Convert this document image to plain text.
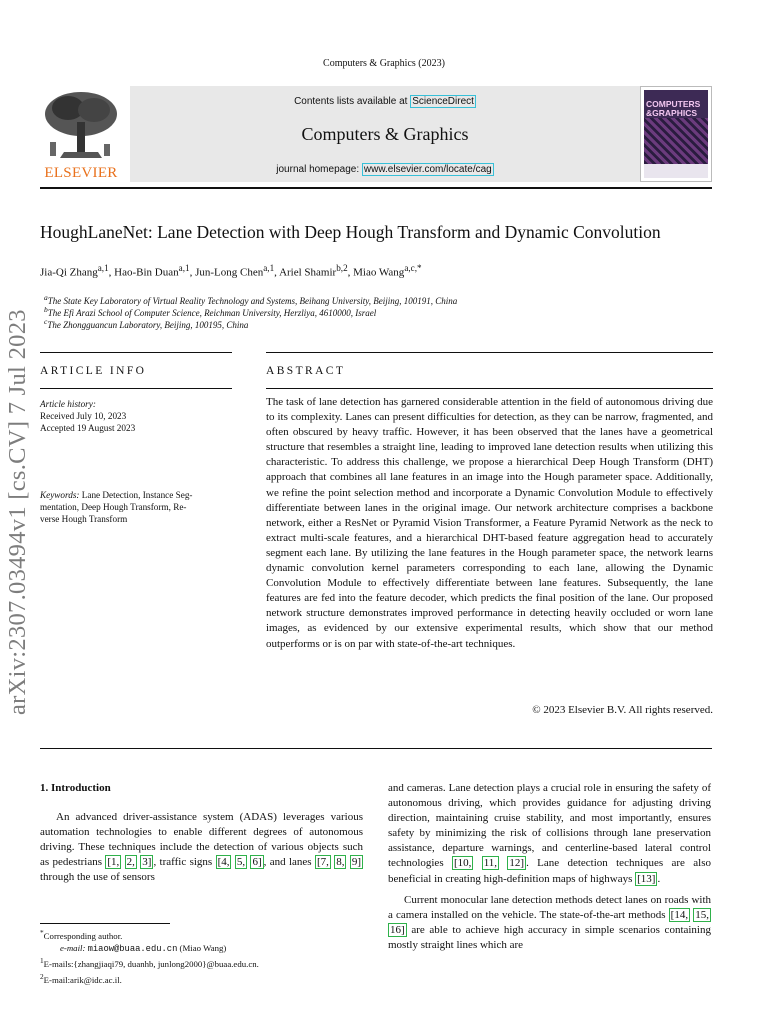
Computers & Graphics (2023)
ELSEVIER
Contents lists available at ScienceDirect
Computers & Graphics
journal homepage: www.elsevier.com/locate/cag
COMPUTERS
&GRAPHICS
HoughLaneNet: Lane Detection with Deep Hough Transform and Dynamic Convolution
Jia-Qi Zhang$^{a,1}$, Hao-Bin Duan$^{a,1}$, Jun-Long Chen$^{a,1}$, Ariel Shamir$^{b,2}$, Miao Wang$^{a,c,*}$
$^a$The State Key Laboratory of Virtual Reality Technology and Systems, Beihang University, Beijing, 100191, China
$^b$The Efi Arazi School of Computer Science, Reichman University, Herzliya, 4610000, Israel
$^c$The Zhongguancun Laboratory, Beijing, 100195, China
ARTICLE INFO	ABSTRACT
Article history:
Received July 10, 2023
Accepted 19 August 2023
Keywords: Lane Detection, Instance Seg-
mentation, Deep Hough Transform, Re-
verse Hough Transform
The task of lane detection has garnered considerable attention in the field of autonomous driving due to its complexity. Lanes can present difficulties for detection, as they can be narrow, fragmented, and often obscured by heavy traffic. However, it has been observed that the lanes have a geometrical structure that resembles a straight line, leading to improved lane detection results when utilizing this characteristic. To address this challenge, we propose a hierarchical Deep Hough Transform (DHT) approach that combines all lane features in an image into the Hough parameter space. Additionally, we refine the point selection method and incorporate a Dynamic Convolution Module to effectively differentiate between lanes in the original image. Our network architecture comprises a backbone network, either a ResNet or Pyramid Vision Transformer, a Feature Pyramid Network as the neck to extract multi-scale features, and a hierarchical DHT-based feature aggregation head to accurately segment each lane. By utilizing the lane features in the Hough parameter space, the network learns dynamic convolution kernel parameters corresponding to each lane, allowing the Dynamic Convolution Module to effectively differentiate between lane features. Subsequently, the lane features are fed into the feature decoder, which predicts the final position of the lane. Our proposed network structure demonstrates improved performance in detecting heavily occluded or worn lane images, as evidenced by our extensive experimental results, which show that our method outperforms or is on par with state-of-the-art techniques.
© 2023 Elsevier B.V. All rights reserved.
1. Introduction

An advanced driver-assistance system (ADAS) leverages various automation technologies to enable different degrees of autonomous driving. These techniques include the detection of various objects such as pedestrians [1, 2, 3] , traffic signs [4, 5, 6] , and lanes [7, 8, 9] through the use of sensors

and cameras. Lane detection plays a crucial role in ensuring the safety of autonomous driving, which provides guidance for adjusting driving direction, maintaining cruise stability, and most importantly, ensures safety by minimizing the risk of collisions through lane preservation assistance, departure warnings, and centerline-based lateral control technologies [10, 11, 12] . Lane detection techniques are also beneficial in creating high-definition maps of highways [13] .

Current monocular lane detection methods detect lanes on roads with a camera installed on the vehicle. The state-of-the-art methods [14, 15, 16] are able to achieve high accuracy in simple scenarios containing mostly straight lines which are

*Corresponding author.
e-mail: miaow@buaa.edu.cn (Miao Wang)
$^1$E-mails:{zhangjiaqi79, duanhb, junlong2000}@buaa.edu.cn.
$^2$E-mail:arik@idc.ac.il.
arXiv:2307.03494v1 [cs.CV] 7 Jul 2023
